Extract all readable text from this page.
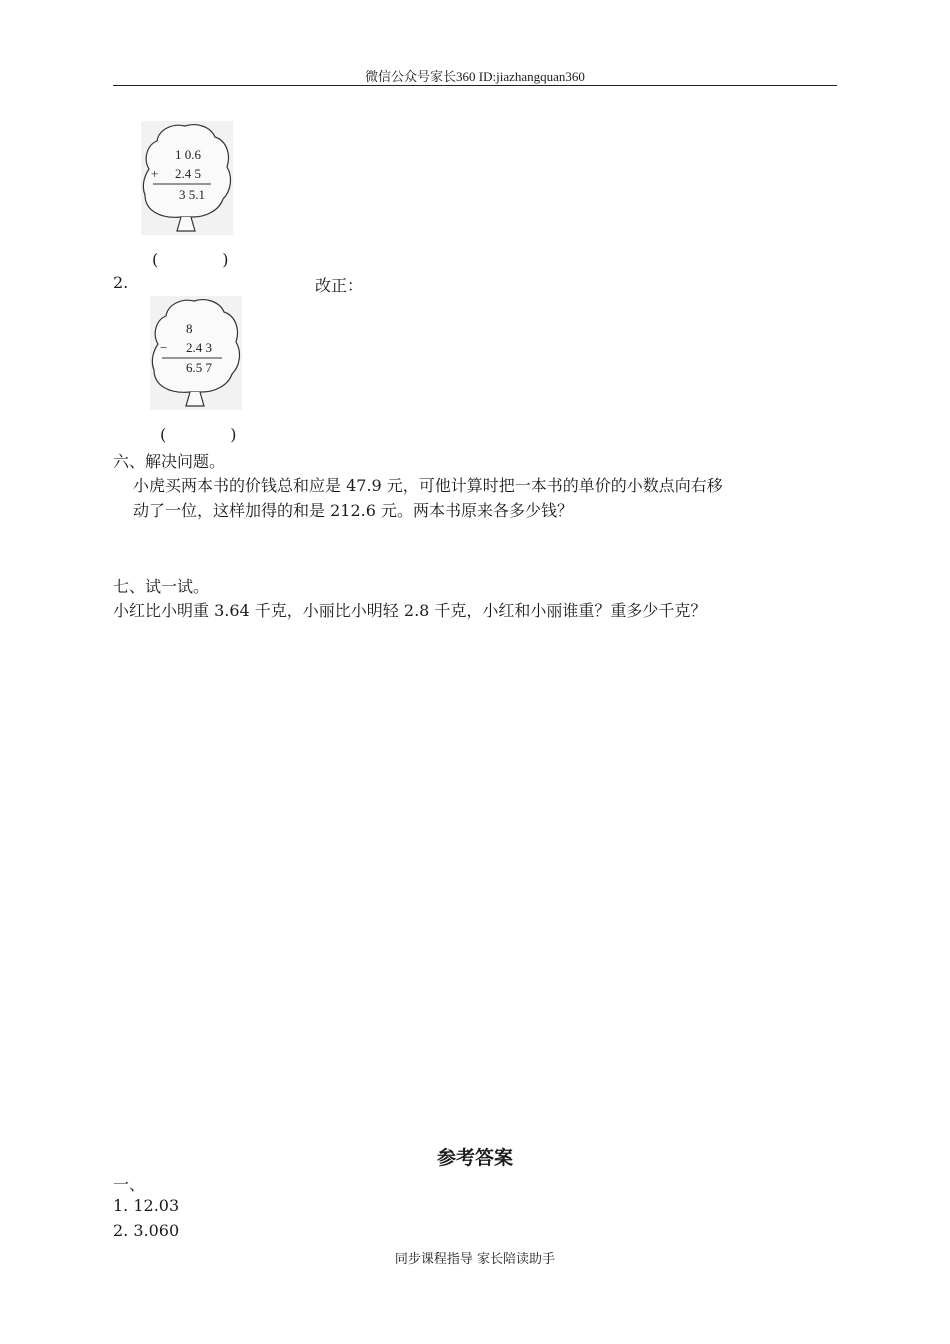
微信公众号家长360 ID:jiazhangquan360
1 0.6
+ 2.4 5
3 5.1
(　　　　)
2.	改正：
8
− 2.4 3
6.5 7
(　　　　)
六、解决问题。
小虎买两本书的价钱总和应是 47.9 元，可他计算时把一本书的单价的小数点向右移
动了一位，这样加得的和是 212.6 元。两本书原来各多少钱？
七、试一试。
小红比小明重 3.64 千克，小丽比小明轻 2.8 千克，小红和小丽谁重？重多少千克？
参考答案
一、
1. 12.03
2. 3.060
同步课程指导 家长陪读助手
